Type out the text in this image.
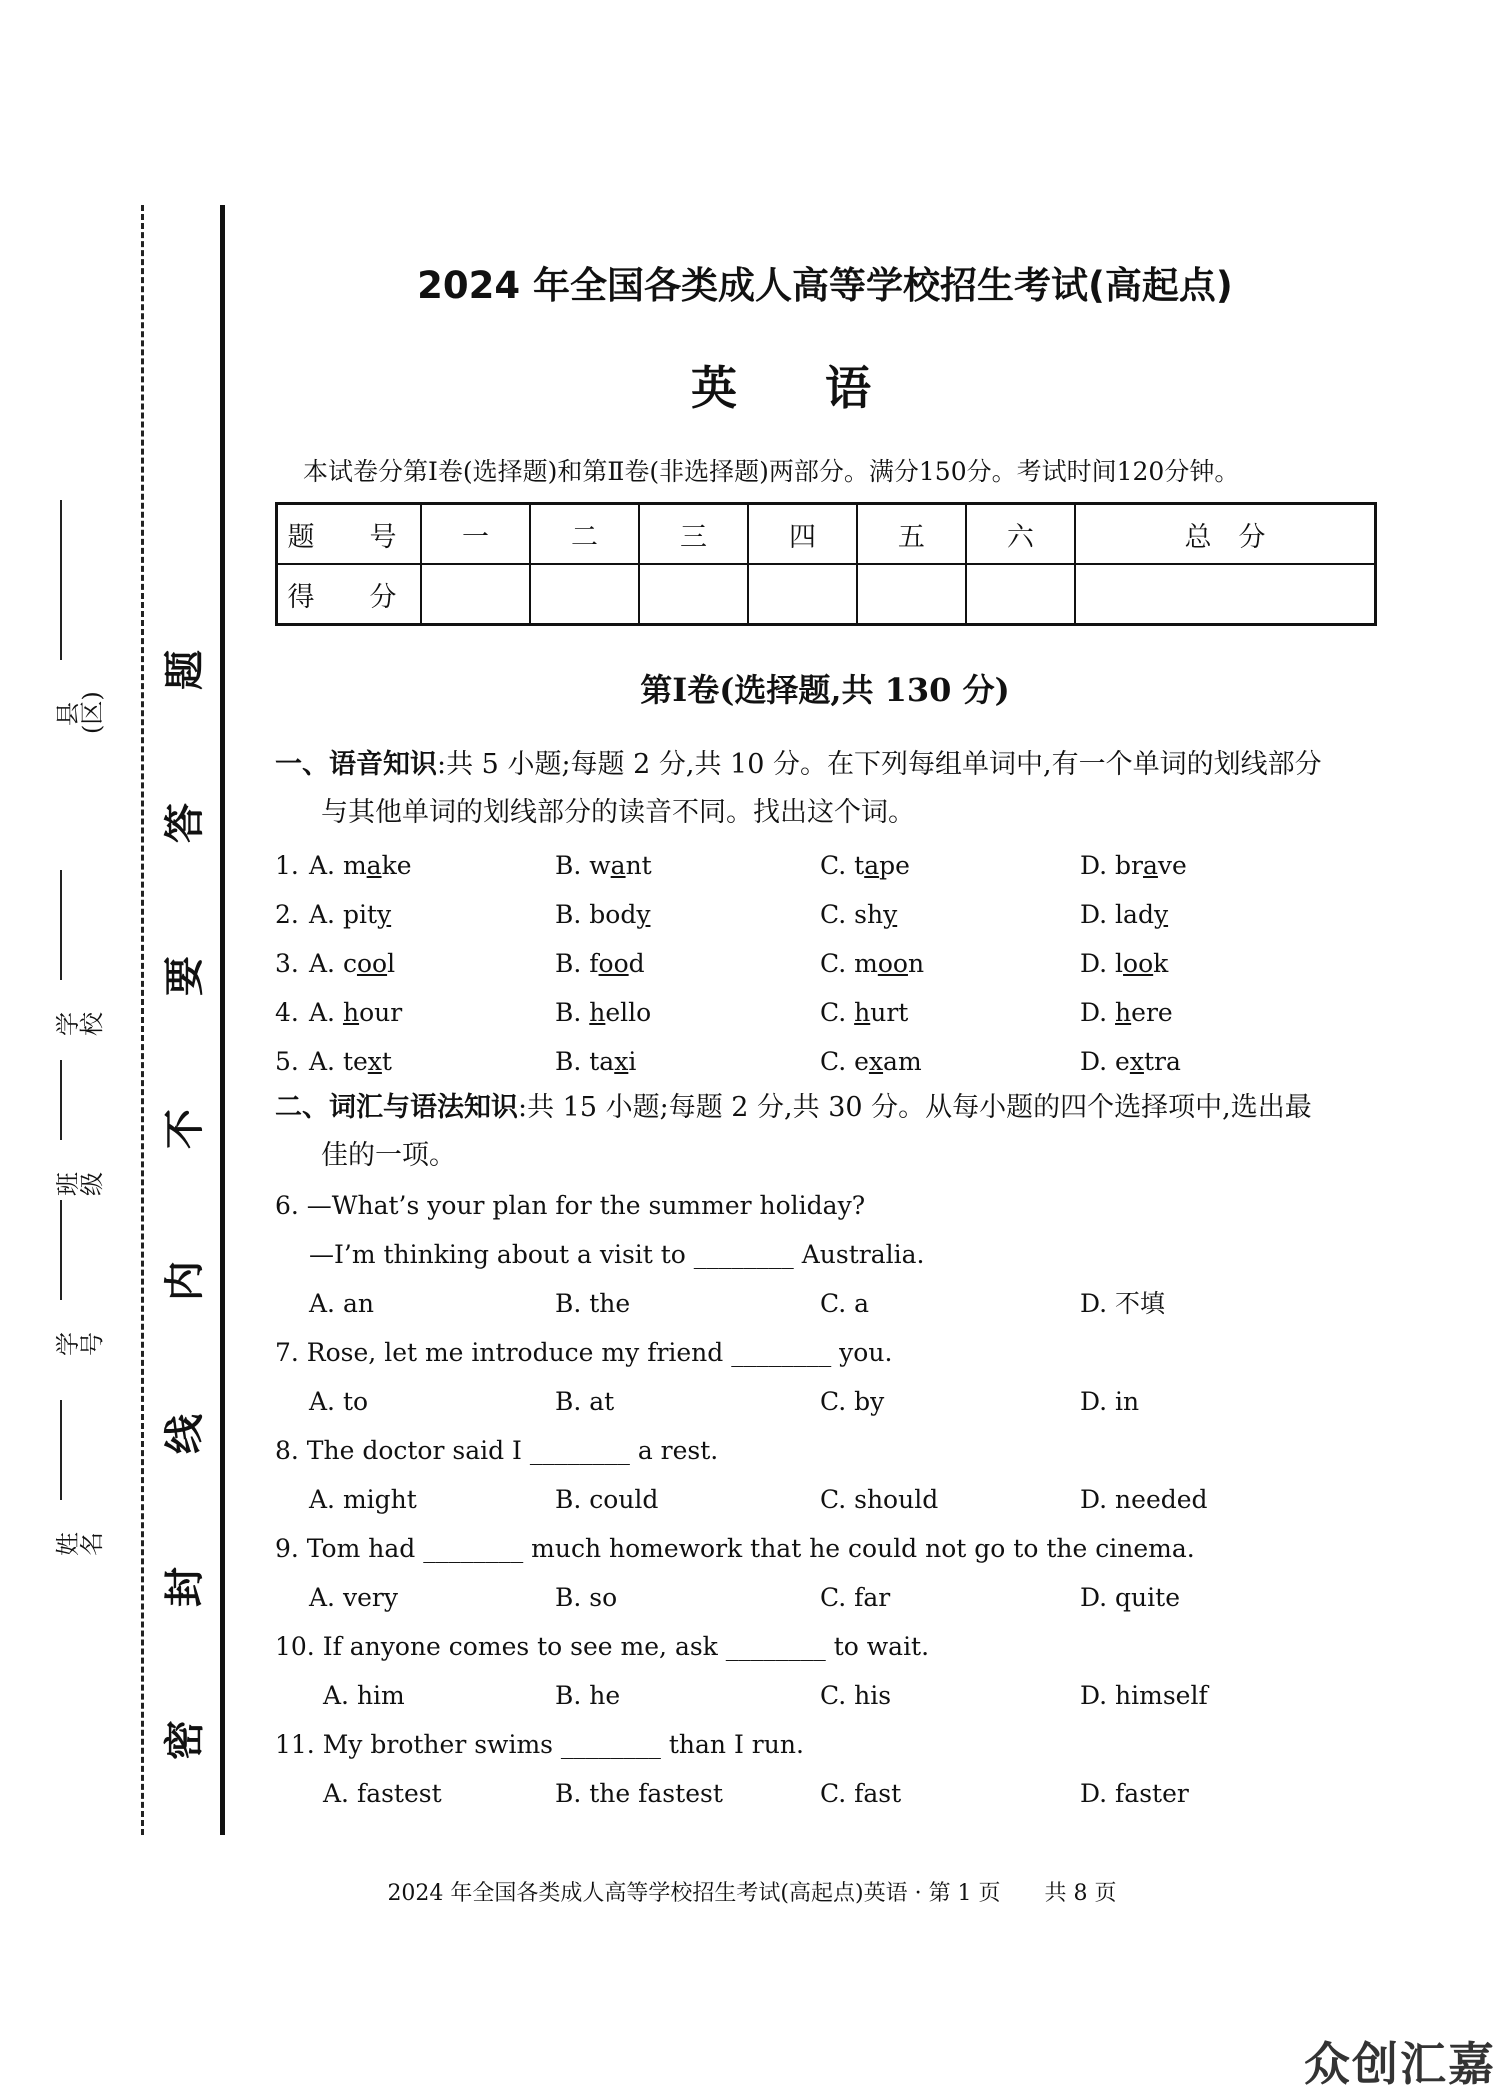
题
答
要
不
内
线
封
密
县(区)
学校
班级
学号
姓名
2024 年全国各类成人高等学校招生考试(高起点)
英语
本试卷分第Ⅰ卷(选择题)和第Ⅱ卷(非选择题)两部分。满分150分。考试时间120分钟。
题　号	一	二	三	四	五	六	总　分
得　分							
第Ⅰ卷(选择题,共 130 分)
一、语音知识:共 5 小题;每题 2 分,共 10 分。在下列每组单词中,有一个单词的划线部分
与其他单词的划线部分的读音不同。找出这个词。
1. A. make	B. want	C. tape	D. brave
2. A. pity	B. body	C. shy	D. lady
3. A. cool	B. food	C. moon	D. look
4. A. hour	B. hello	C. hurt	D. here
5. A. text	B. taxi	C. exam	D. extra
二、词汇与语法知识:共 15 小题;每题 2 分,共 30 分。从每小题的四个选择项中,选出最
佳的一项。
6. —What’s your plan for the summer holiday?
—I’m thinking about a visit to ________ Australia.
A. an	B. the	C. a	D. 不填
7. Rose, let me introduce my friend ________ you.
A. to	B. at	C. by	D. in
8. The doctor said I ________ a rest.
A. might	B. could	C. should	D. needed
9. Tom had ________ much homework that he could not go to the cinema.
A. very	B. so	C. far	D. quite
10. If anyone comes to see me, ask ________ to wait.
A. him	B. he	C. his	D. himself
11. My brother swims ________ than I run.
A. fastest	B. the fastest	C. fast	D. faster
2024 年全国各类成人高等学校招生考试(高起点)英语 · 第 1 页　　共 8 页
众创汇嘉
